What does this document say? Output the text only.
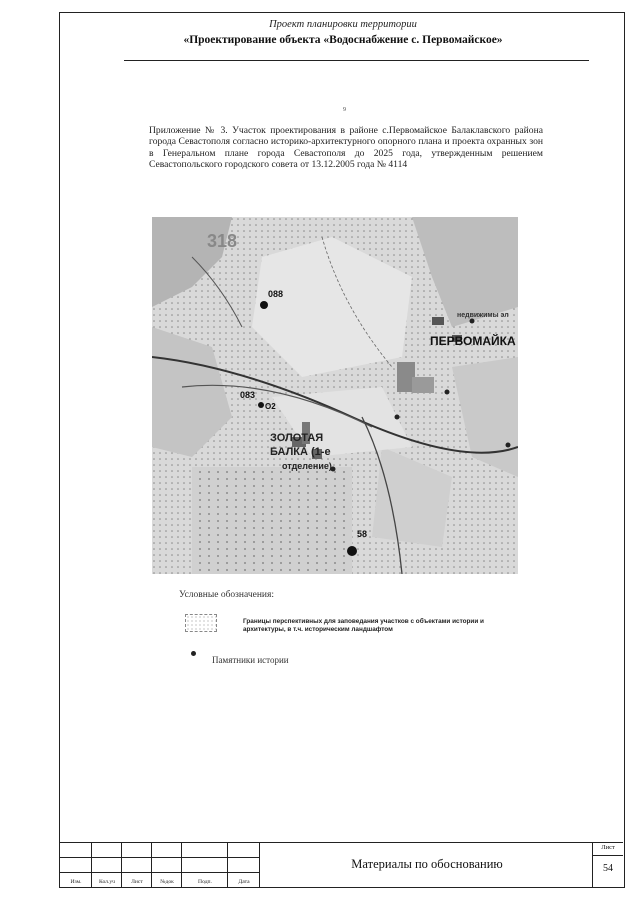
Проект планировки территории
«Проектирование объекта «Водоснабжение с. Первомайское»
9
Приложение № 3. Участок проектирования в районе с.Первомайское Балаклавского района города Севастополя согласно историко-архитектурного опорного плана и проекта охранных зон в Генеральном плане города Севастополя до 2025 года, утвержденным решением Севастопольского городского совета от 13.12.2005 года № 4114
318
088
083
О2
58
ПЕРВОМАЙКА
недвижимы эл
ЗОЛОТАЯ
БАЛКА (1-е
отделение)
Условные обозначения:
Границы перспективных для заповедания участков с объектами истории и архитектуры, в т.ч. историческим ландшафтом
Памятники истории
Изм.	Кол.уч	Лист	№док	Подп.	Дата
Материалы по обоснованию
Лист
54
